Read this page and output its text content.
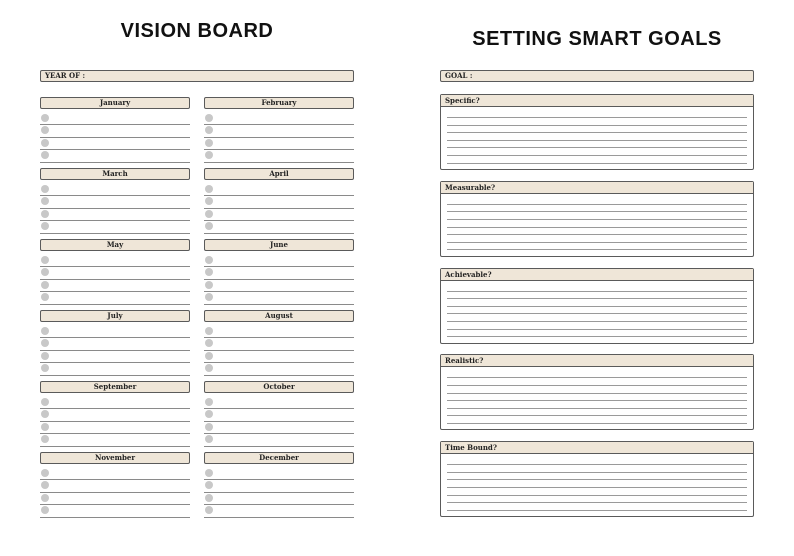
VISION BOARD
YEAR OF :
January	February
March	April
May	June
July	August
September	October
November	December
SETTING SMART GOALS
GOAL :
Specific?
Measurable?
Achievable?
Realistic?
Time Bound?
